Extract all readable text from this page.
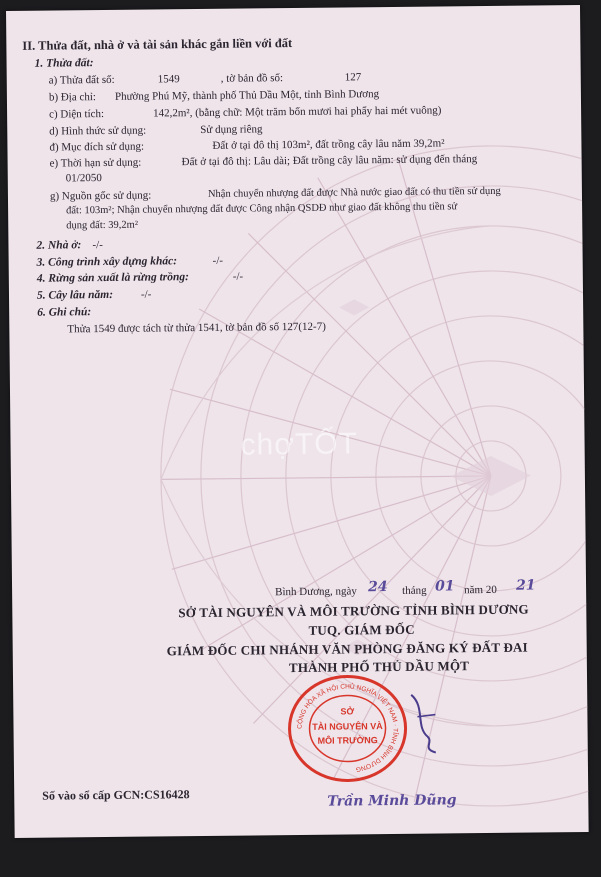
II. Thửa đất, nhà ở và tài sản khác gắn liền với đất
1. Thửa đất:
a) Thửa đất số:	1549	, tờ bản đồ số:	127
b) Địa chỉ: Phường Phú Mỹ, thành phố Thủ Dầu Một, tỉnh Bình Dương
c) Diện tích:	142,2m², (bằng chữ: Một trăm bốn mươi hai phẩy hai mét vuông)
d) Hình thức sử dụng:	Sử dụng riêng
đ) Mục đích sử dụng:	Đất ở tại đô thị 103m², đất trồng cây lâu năm 39,2m²
e) Thời hạn sử dụng:	Đất ở tại đô thị: Lâu dài; Đất trồng cây lâu năm: sử dụng đến tháng
01/2050
g) Nguồn gốc sử dụng:	Nhận chuyển nhượng đất được Nhà nước giao đất có thu tiền sử dụng
đất: 103m²; Nhận chuyển nhượng đất được Công nhận QSDĐ như giao đất không thu tiền sử
dụng đất: 39,2m²
2. Nhà ở: -/-
3. Công trình xây dựng khác:	-/-
4. Rừng sản xuất là rừng trồng:	-/-
5. Cây lâu năm:	-/-
6. Ghi chú:
Thửa 1549 được tách từ thửa 1541, tờ bản đồ số 127(12-7)
chợTỐT
Bình Dương, ngày 24 tháng 01 năm 20 21
SỞ TÀI NGUYÊN VÀ MÔI TRƯỜNG TỈNH BÌNH DƯƠNG
TUQ. GIÁM ĐỐC
GIÁM ĐỐC CHI NHÁNH VĂN PHÒNG ĐĂNG KÝ ĐẤT ĐAI
THÀNH PHỐ THỦ DẦU MỘT
CỘNG HÒA XÃ HỘI CHỦ NGHĨA VIỆT NAM · TỈNH BÌNH DƯƠNG
SỞ
TÀI NGUYÊN VÀ
MÔI TRƯỜNG
Số vào sổ cấp GCN:CS16428	Trần Minh Dũng
